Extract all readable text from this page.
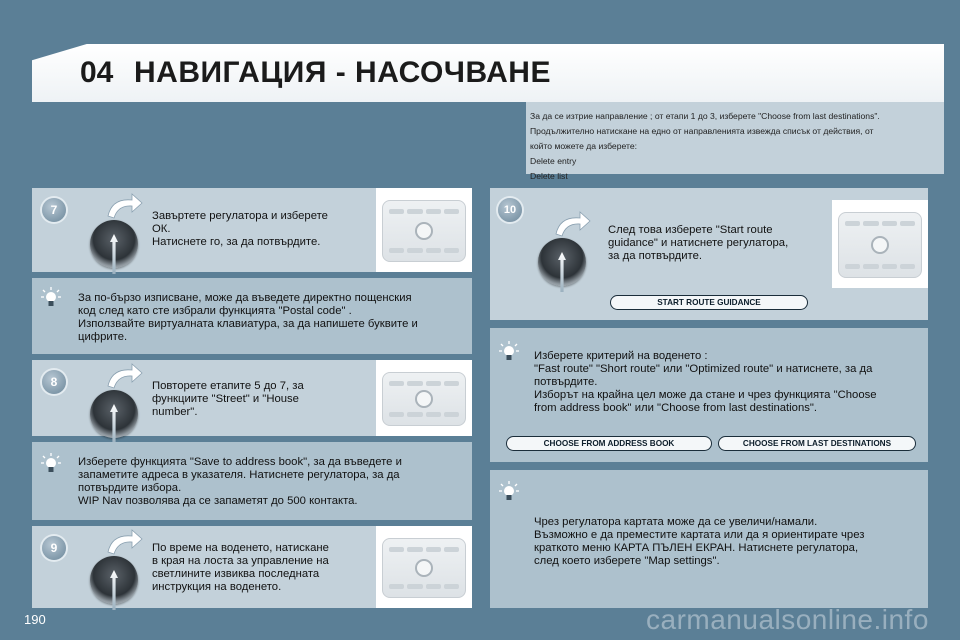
04 НАВИГАЦИЯ - НАСОЧВАНЕ
За да се изтрие направление ; от етапи 1 до 3, изберете "Choose from last destinations".
Продължително натискане на едно от направленията извежда списък от действия, от
който можете да изберете:
Delete entry
Delete list
7	Завъртете регулатора и изберете
ОК.
Натиснете го, за да потвърдите.
За по-бързо изписване, може да въведете директно пощенския
код след като сте избрали функцията "Postal code" .
Използвайте виртуалната клавиатура, за да напишете буквите и
цифрите.
8	Повторете етапите 5 до 7, за
функциите "Street" и "House
number".
Изберете функцията "Save to address book", за да въведете и
запаметите адреса в указателя. Натиснете регулатора, за да
потвърдите избора.
WIP Nav позволява да се запаметят до 500 контакта.
9	По време на воденето, натискане
в края на лоста за управление на
светлините извиква последната
инструкция на воденето.
10
След това изберете "Start route
guidance" и натиснете регулатора,
за да потвърдите.
START ROUTE GUIDANCE
Изберете критерий на воденето :
"Fast route" "Short route" или "Optimized route" и натиснете, за да
потвърдите.
Изборът на крайна цел може да стане и чрез функцията "Choose
from address book" или "Choose from last destinations".
CHOOSE FROM ADDRESS BOOK	CHOOSE FROM LAST DESTINATIONS
Чрез регулатора картата може да се увеличи/намали.
Възможно е да преместите картата или да я ориентирате чрез
краткото меню КАРТА ПЪЛЕН ЕКРАН. Натиснете регулатора,
след което изберете "Map settings".
190	carmanualsonline.info
